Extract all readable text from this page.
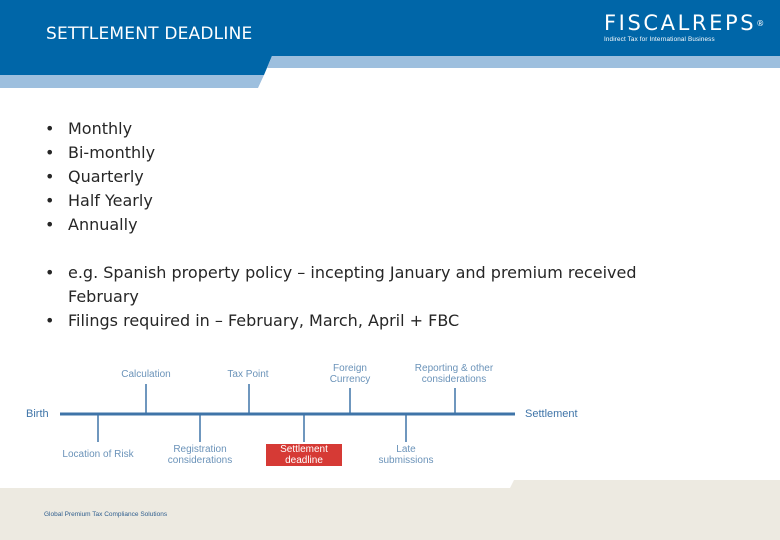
SETTLEMENT DEADLINE	FISCALREPS®
Indirect Tax for International Business
• Monthly
• Bi-monthly
• Quarterly
• Half Yearly
• Annually
• e.g. Spanish property policy – incepting January and premium received February
• Filings required in – February, March, April + FBC
Birth	Settlement
Calculation	Tax Point
Foreign
Currency
Reporting & other
considerations
Location of Risk	Registration
considerations
Settlement
deadline
Late
submissions
Global Premium Tax Compliance Solutions
